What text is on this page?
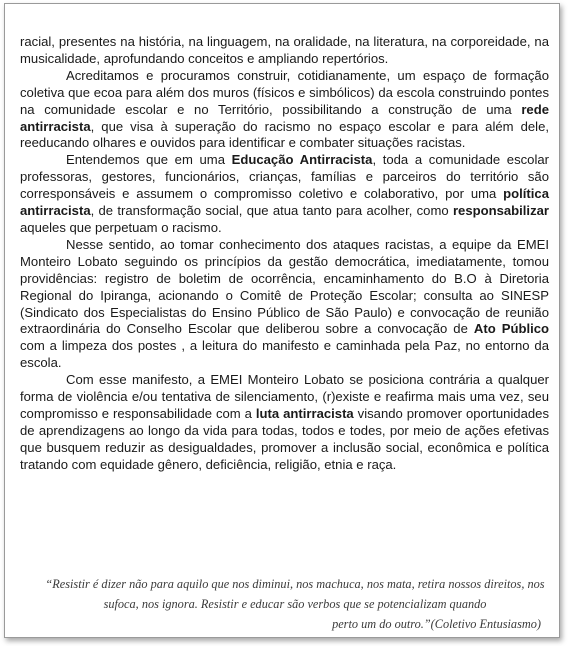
racial, presentes na história, na linguagem, na oralidade, na literatura, na corporeidade, na musicalidade, aprofundando conceitos e ampliando repertórios.

Acreditamos e procuramos construir, cotidianamente, um espaço de formação coletiva que ecoa para além dos muros (físicos e simbólicos) da escola construindo pontes na comunidade escolar e no Território, possibilitando a construção de uma rede antirracista, que visa à superação do racismo no espaço escolar e para além dele, reeducando olhares e ouvidos para identificar e combater situações racistas.

Entendemos que em uma Educação Antirracista, toda a comunidade escolar professoras, gestores, funcionários, crianças, famílias e parceiros do território são corresponsáveis e assumem o compromisso coletivo e colaborativo, por uma política antirracista, de transformação social, que atua tanto para acolher, como responsabilizar aqueles que perpetuam o racismo.

Nesse sentido, ao tomar conhecimento dos ataques racistas, a equipe da EMEI Monteiro Lobato seguindo os princípios da gestão democrática, imediatamente, tomou providências: registro de boletim de ocorrência, encaminhamento do B.O à Diretoria Regional do Ipiranga, acionando o Comitê de Proteção Escolar; consulta ao SINESP (Sindicato dos Especialistas do Ensino Público de São Paulo) e convocação de reunião extraordinária do Conselho Escolar que deliberou sobre a convocação de Ato Público com a limpeza dos postes , a leitura do manifesto e caminhada pela Paz, no entorno da escola.

Com esse manifesto, a EMEI Monteiro Lobato se posiciona contrária a qualquer forma de violência e/ou tentativa de silenciamento, (r)existe e reafirma mais uma vez, seu compromisso e responsabilidade com a luta antirracista visando promover oportunidades de aprendizagens ao longo da vida para todas, todos e todes, por meio de ações efetivas que busquem reduzir as desigualdades, promover a inclusão social, econômica e política tratando com equidade gênero, deficiência, religião, etnia e raça.

“Resistir é dizer não para aquilo que nos diminui, nos machuca, nos mata, retira nossos direitos, nos sufoca, nos ignora. Resistir e educar são verbos que se potencializam quando
perto um do outro.”(Coletivo Entusiasmo)
